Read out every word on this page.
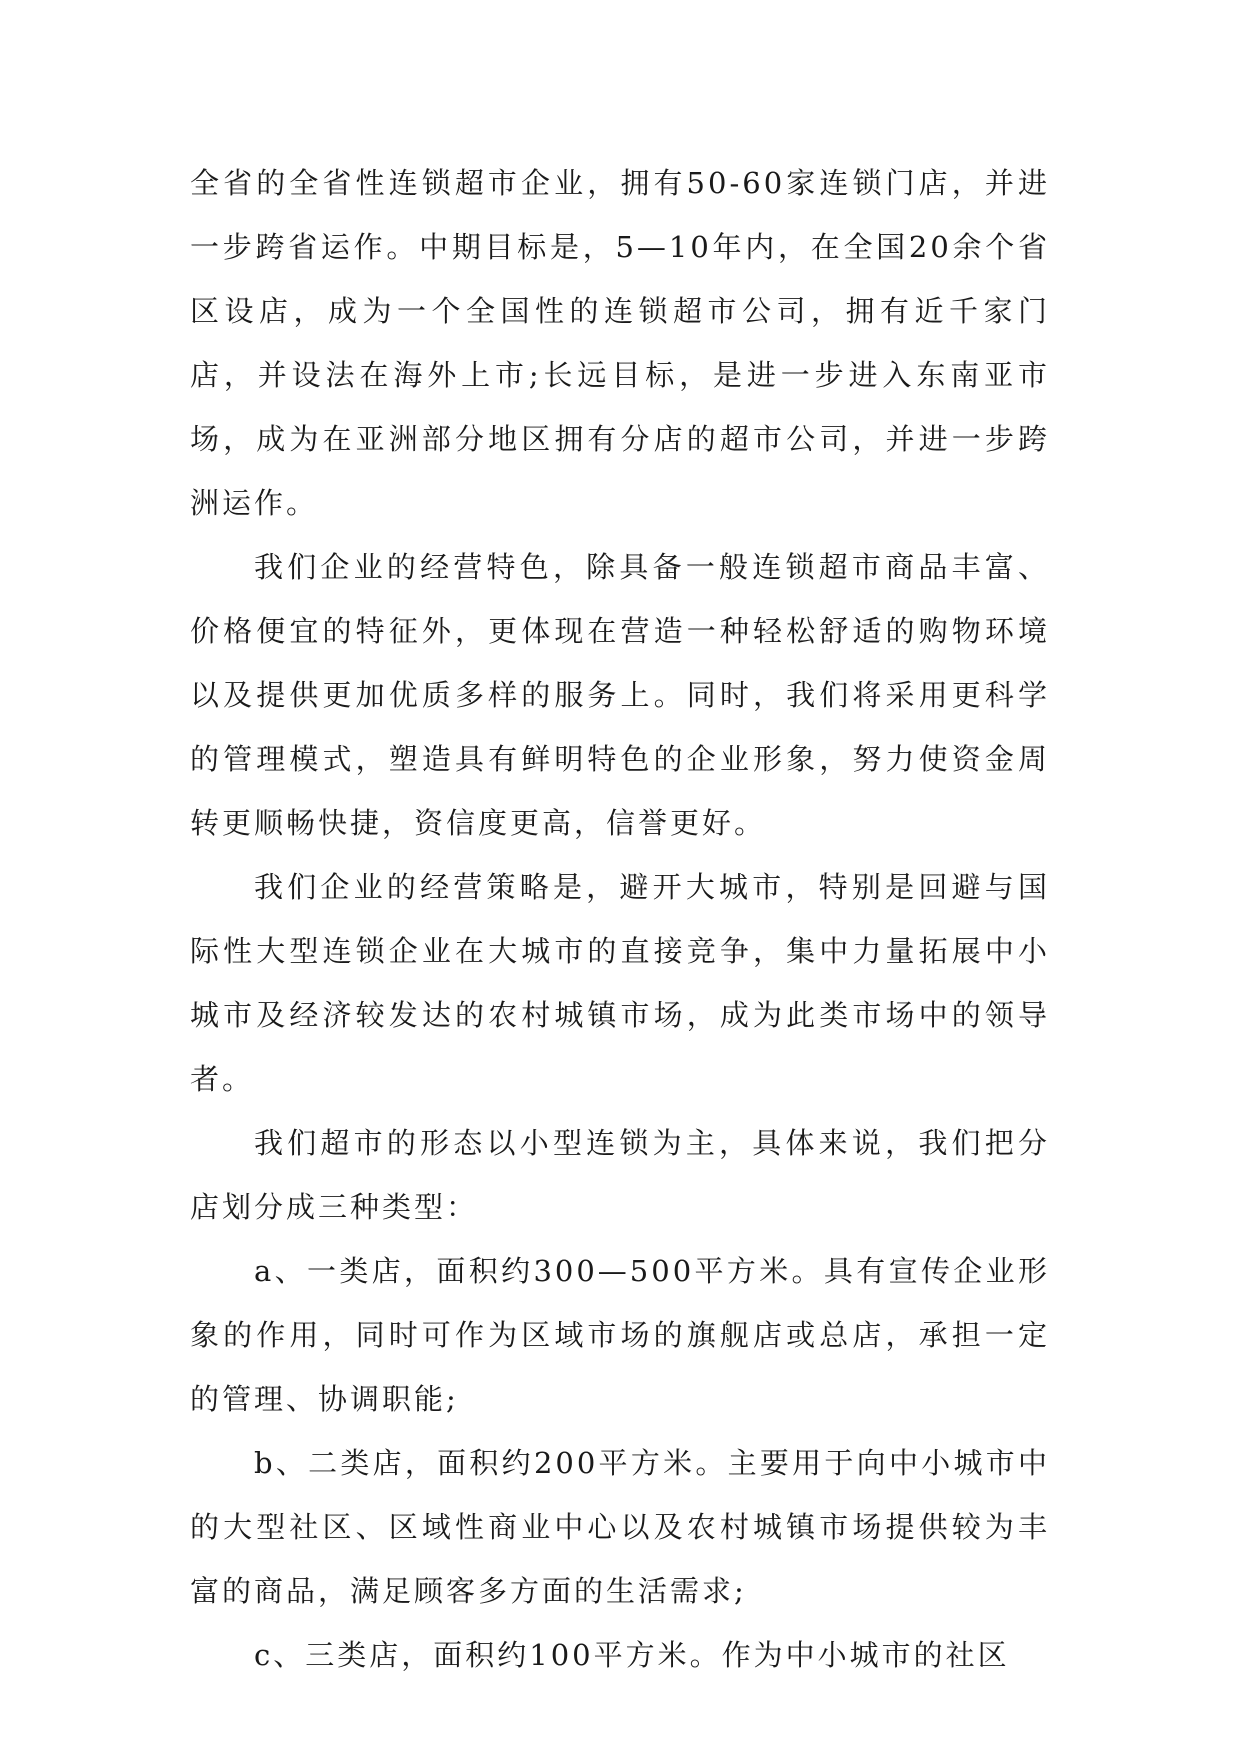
全省的全省性连锁超市企业，拥有50-60家连锁门店，并进一步跨省运作。中期目标是，5—10年内，在全国20余个省区设店，成为一个全国性的连锁超市公司，拥有近千家门店，并设法在海外上市;长远目标，是进一步进入东南亚市场，成为在亚洲部分地区拥有分店的超市公司，并进一步跨洲运作。

我们企业的经营特色，除具备一般连锁超市商品丰富、价格便宜的特征外，更体现在营造一种轻松舒适的购物环境以及提供更加优质多样的服务上。同时，我们将采用更科学的管理模式，塑造具有鲜明特色的企业形象，努力使资金周转更顺畅快捷，资信度更高，信誉更好。

我们企业的经营策略是，避开大城市，特别是回避与国际性大型连锁企业在大城市的直接竞争，集中力量拓展中小城市及经济较发达的农村城镇市场，成为此类市场中的领导者。

我们超市的形态以小型连锁为主，具体来说，我们把分店划分成三种类型：

a、一类店，面积约300—500平方米。具有宣传企业形象的作用，同时可作为区域市场的旗舰店或总店，承担一定的管理、协调职能;

b、二类店，面积约200平方米。主要用于向中小城市中的大型社区、区域性商业中心以及农村城镇市场提供较为丰富的商品，满足顾客多方面的生活需求;

c、三类店，面积约100平方米。作为中小城市的社区
